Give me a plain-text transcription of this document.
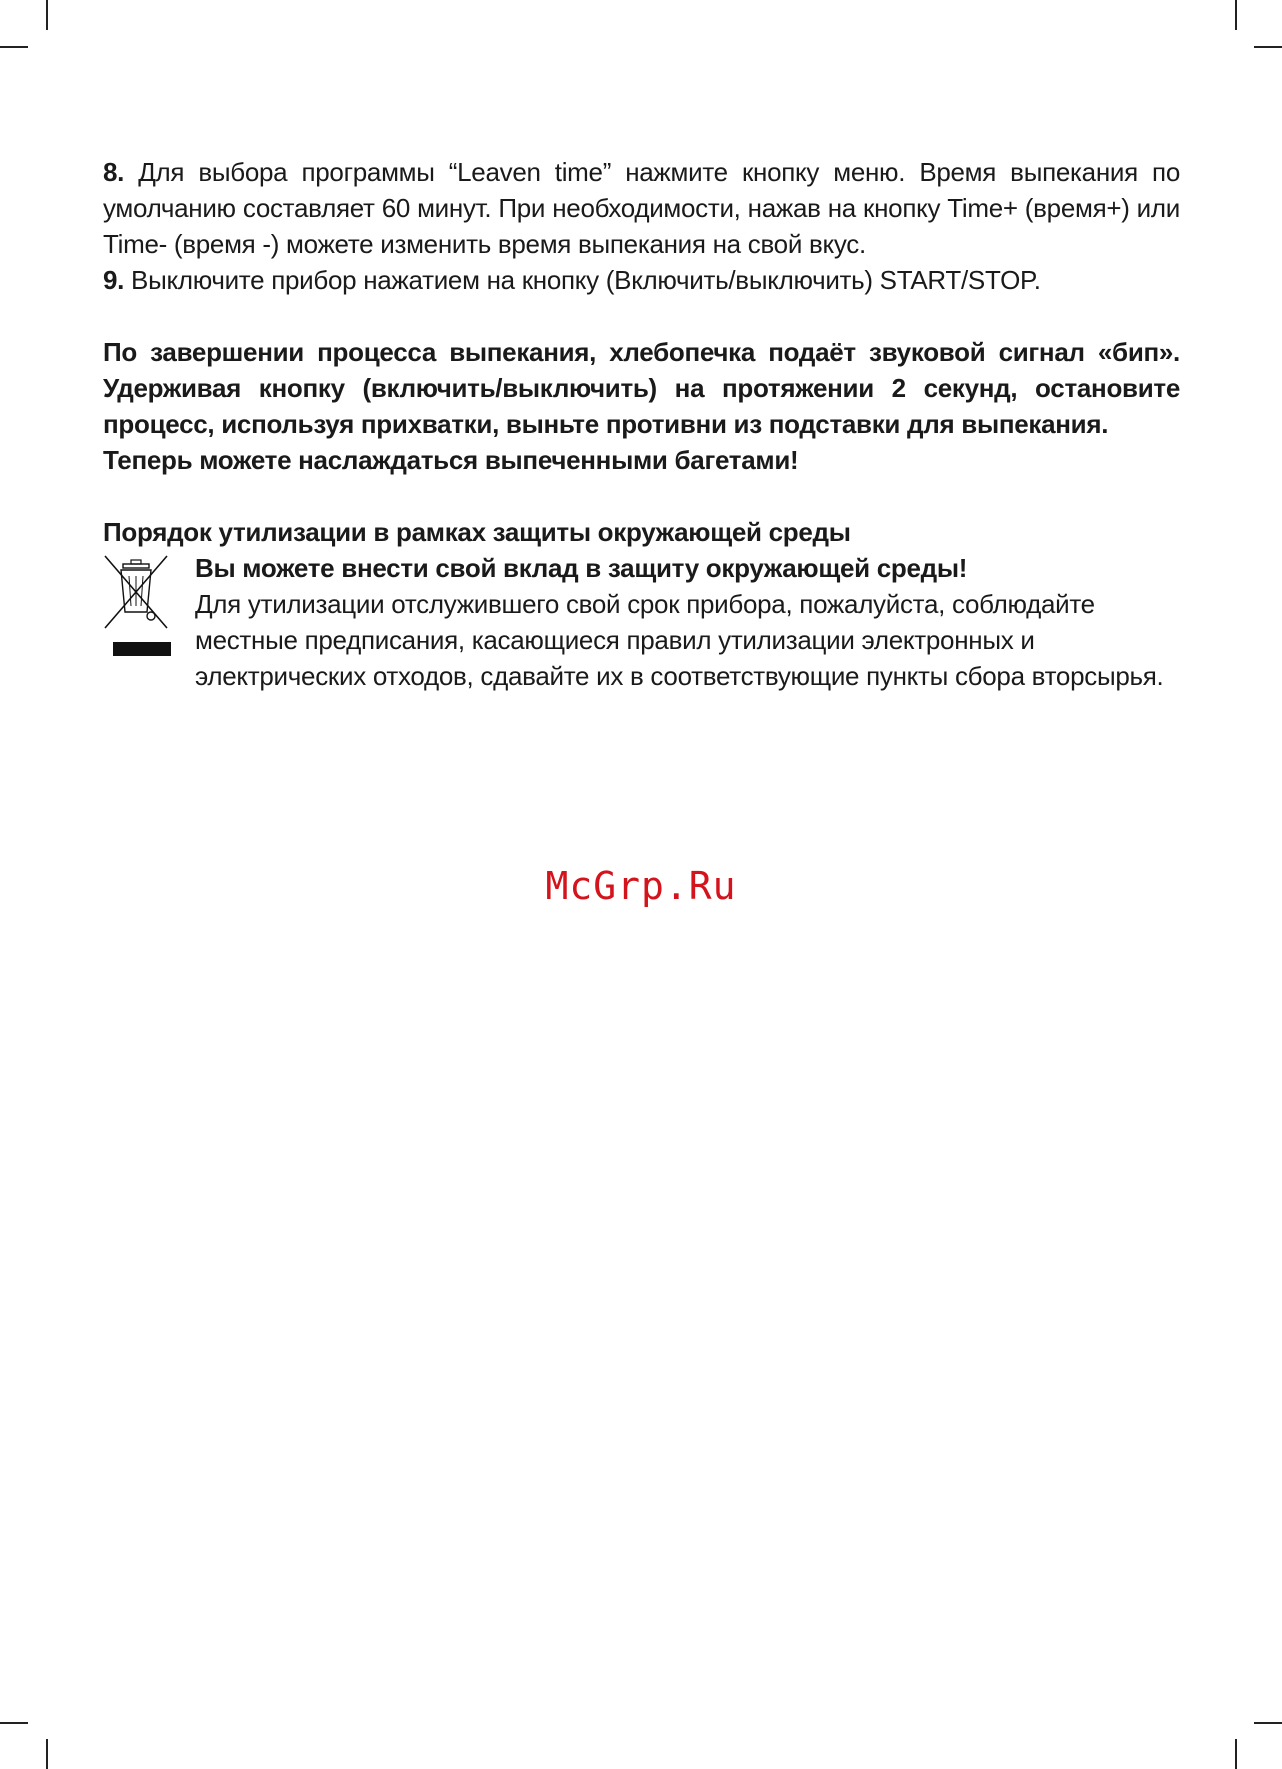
8. Для выбора программы “Leaven time” нажмите кнопку меню. Время выпекания по умолчанию составляет 60 минут. При необходимости, нажав на кнопку Time+ (время+) или Time- (время -) можете изменить время выпекания на свой вкус.

9. Выключите прибор нажатием на кнопку (Включить/выключить) START/STOP.

По завершении процесса выпекания, хлебопечка подаёт звуковой сигнал «бип». Удерживая кнопку (включить/выключить) на протяжении 2 секунд, остановите процесс, используя прихватки, выньте противни из подставки для выпекания.

Теперь можете наслаждаться выпеченными багетами!

Порядок утилизации в рамках защиты окружающей среды

Вы можете внести свой вклад в защиту окружающей среды!

Для утилизации отслужившего свой срок прибора, пожалуйста, соблюдайте местные предписания, касающиеся правил утилизации электронных и электрических отходов, сдавайте их в соответствующие пункты сбора вторсырья.

McGrp.Ru
